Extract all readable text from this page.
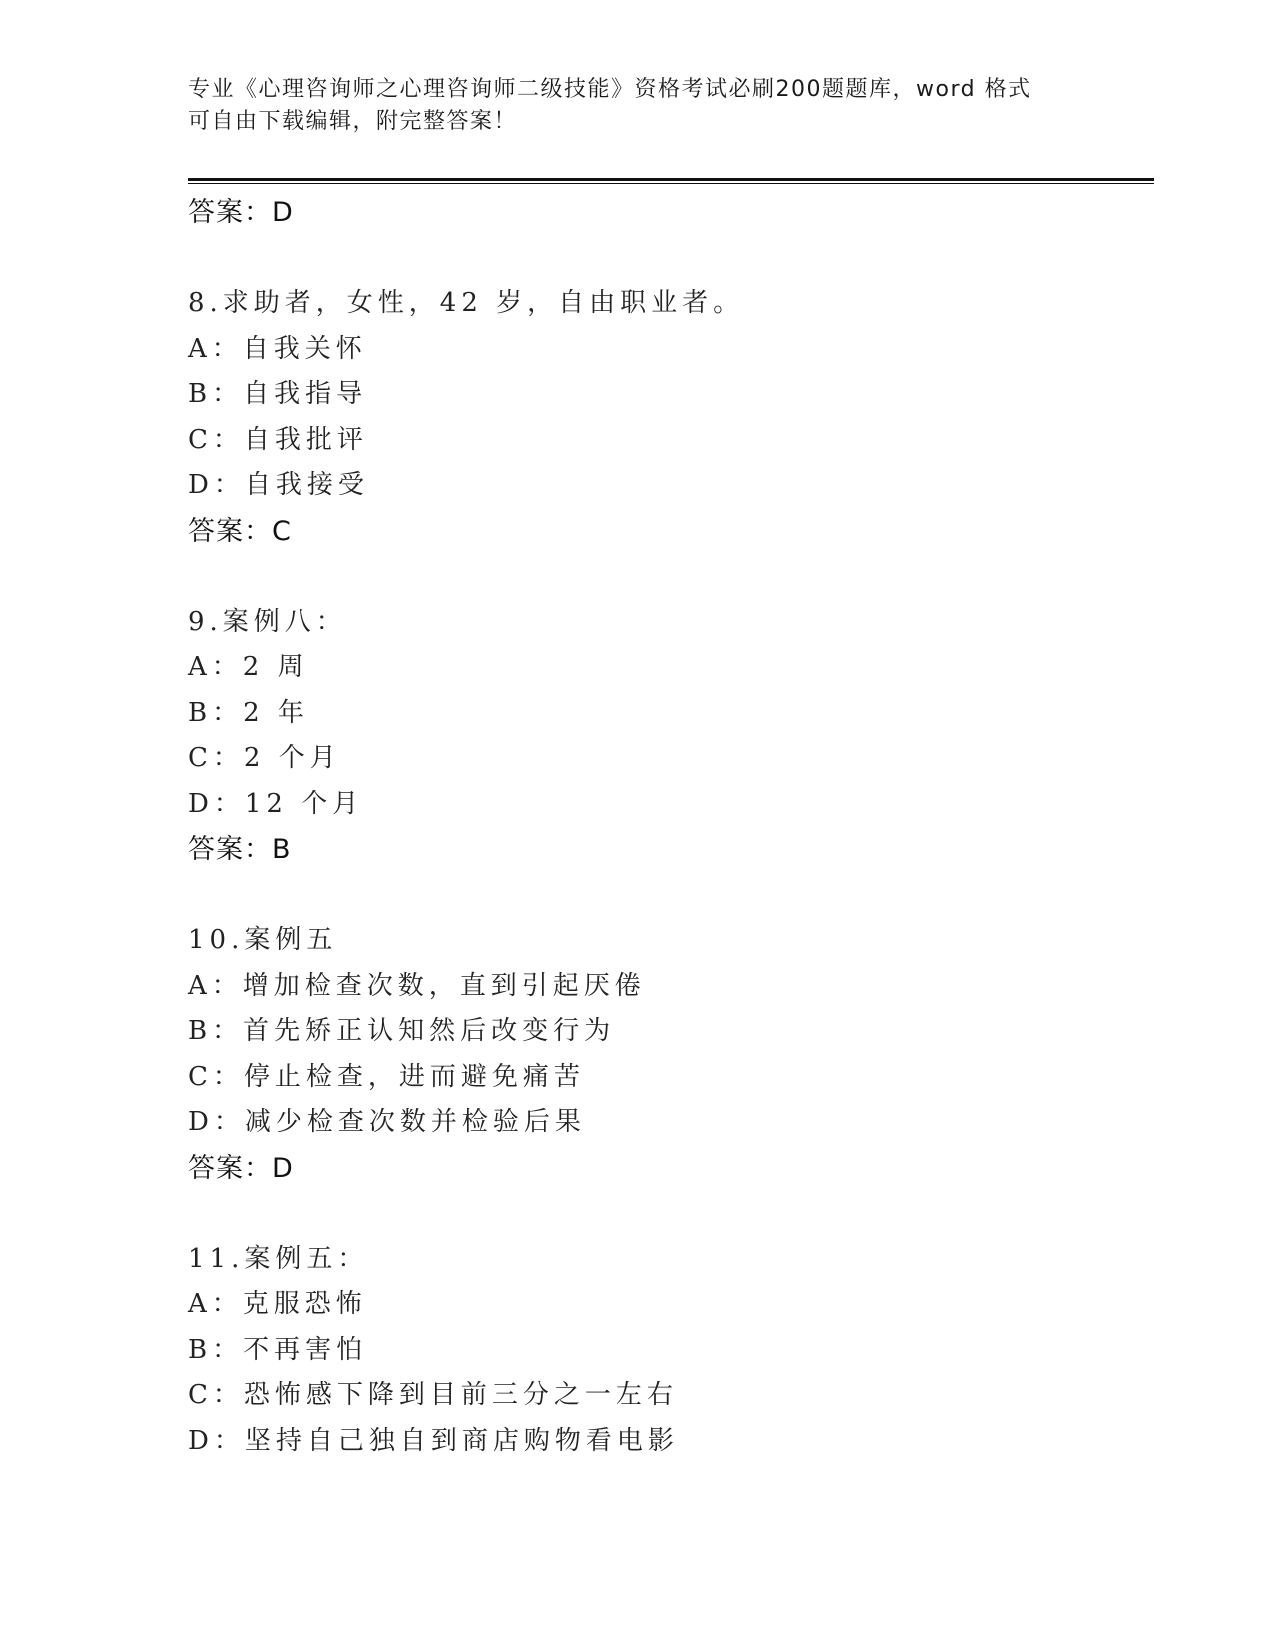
专业《心理咨询师之心理咨询师二级技能》资格考试必刷200题题库，word 格式
可自由下载编辑，附完整答案！
答案：D
8.求助者，女性，42 岁，自由职业者。
A：自我关怀
B：自我指导
C：自我批评
D：自我接受
答案：C
9.案例八：
A：2 周
B：2 年
C：2 个月
D：12 个月
答案：B
10.案例五
A：增加检查次数，直到引起厌倦
B：首先矫正认知然后改变行为
C：停止检查，进而避免痛苦
D：减少检查次数并检验后果
答案：D
11.案例五：
A：克服恐怖
B：不再害怕
C：恐怖感下降到目前三分之一左右
D：坚持自己独自到商店购物看电影
